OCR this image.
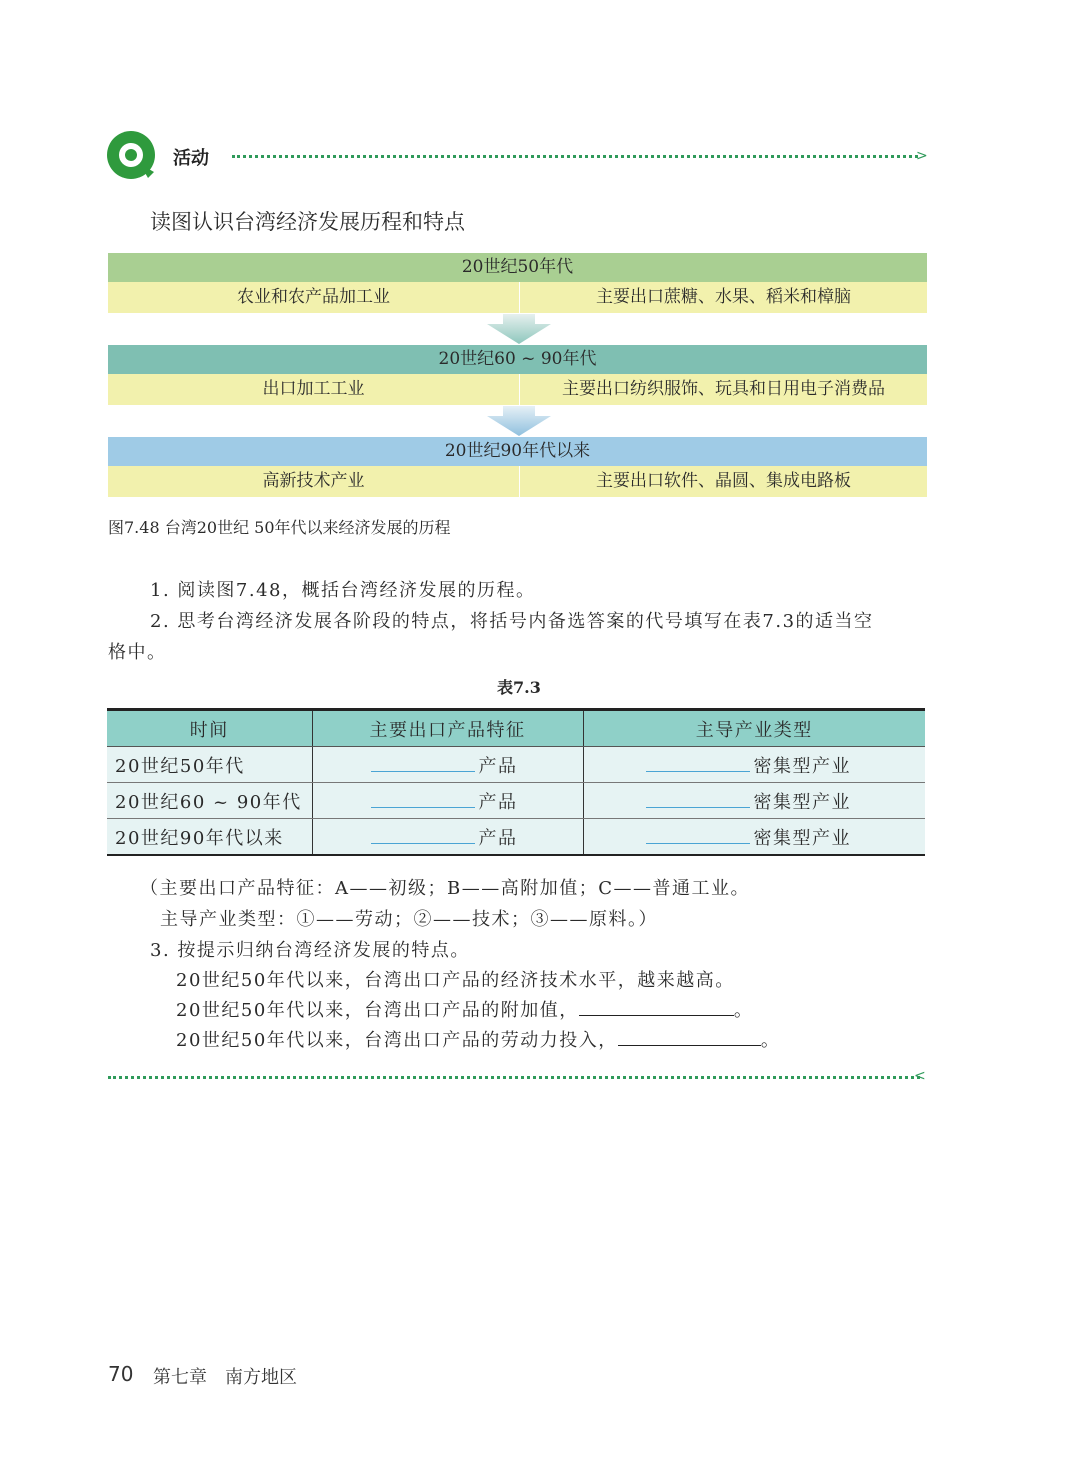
活动	>
读图认识台湾经济发展历程和特点
20世纪50年代
农业和农产品加工业	主要出口蔗糖、水果、稻米和樟脑
20世纪60 ~ 90年代
出口加工工业	主要出口纺织服饰、玩具和日用电子消费品
20世纪90年代以来
高新技术产业	主要出口软件、晶圆、集成电路板
图7.48 台湾20世纪 50年代以来经济发展的历程
1. 阅读图7.48，概括台湾经济发展的历程。
2. 思考台湾经济发展各阶段的特点，将括号内备选答案的代号填写在表7.3的适当空
格中。
表7.3
时间	主要出口产品特征	主导产业类型
20世纪50年代	产品	密集型产业
20世纪60 ~ 90年代	产品	密集型产业
20世纪90年代以来	产品	密集型产业
（主要出口产品特征：A——初级；B——高附加值；C——普通工业。
主导产业类型：①——劳动；②——技术；③——原料。）
3. 按提示归纳台湾经济发展的特点。
20世纪50年代以来，台湾出口产品的经济技术水平，越来越高。
20世纪50年代以来，台湾出口产品的附加值，	。
20世纪50年代以来，台湾出口产品的劳动力投入，	。
<
70 第七章　南方地区
